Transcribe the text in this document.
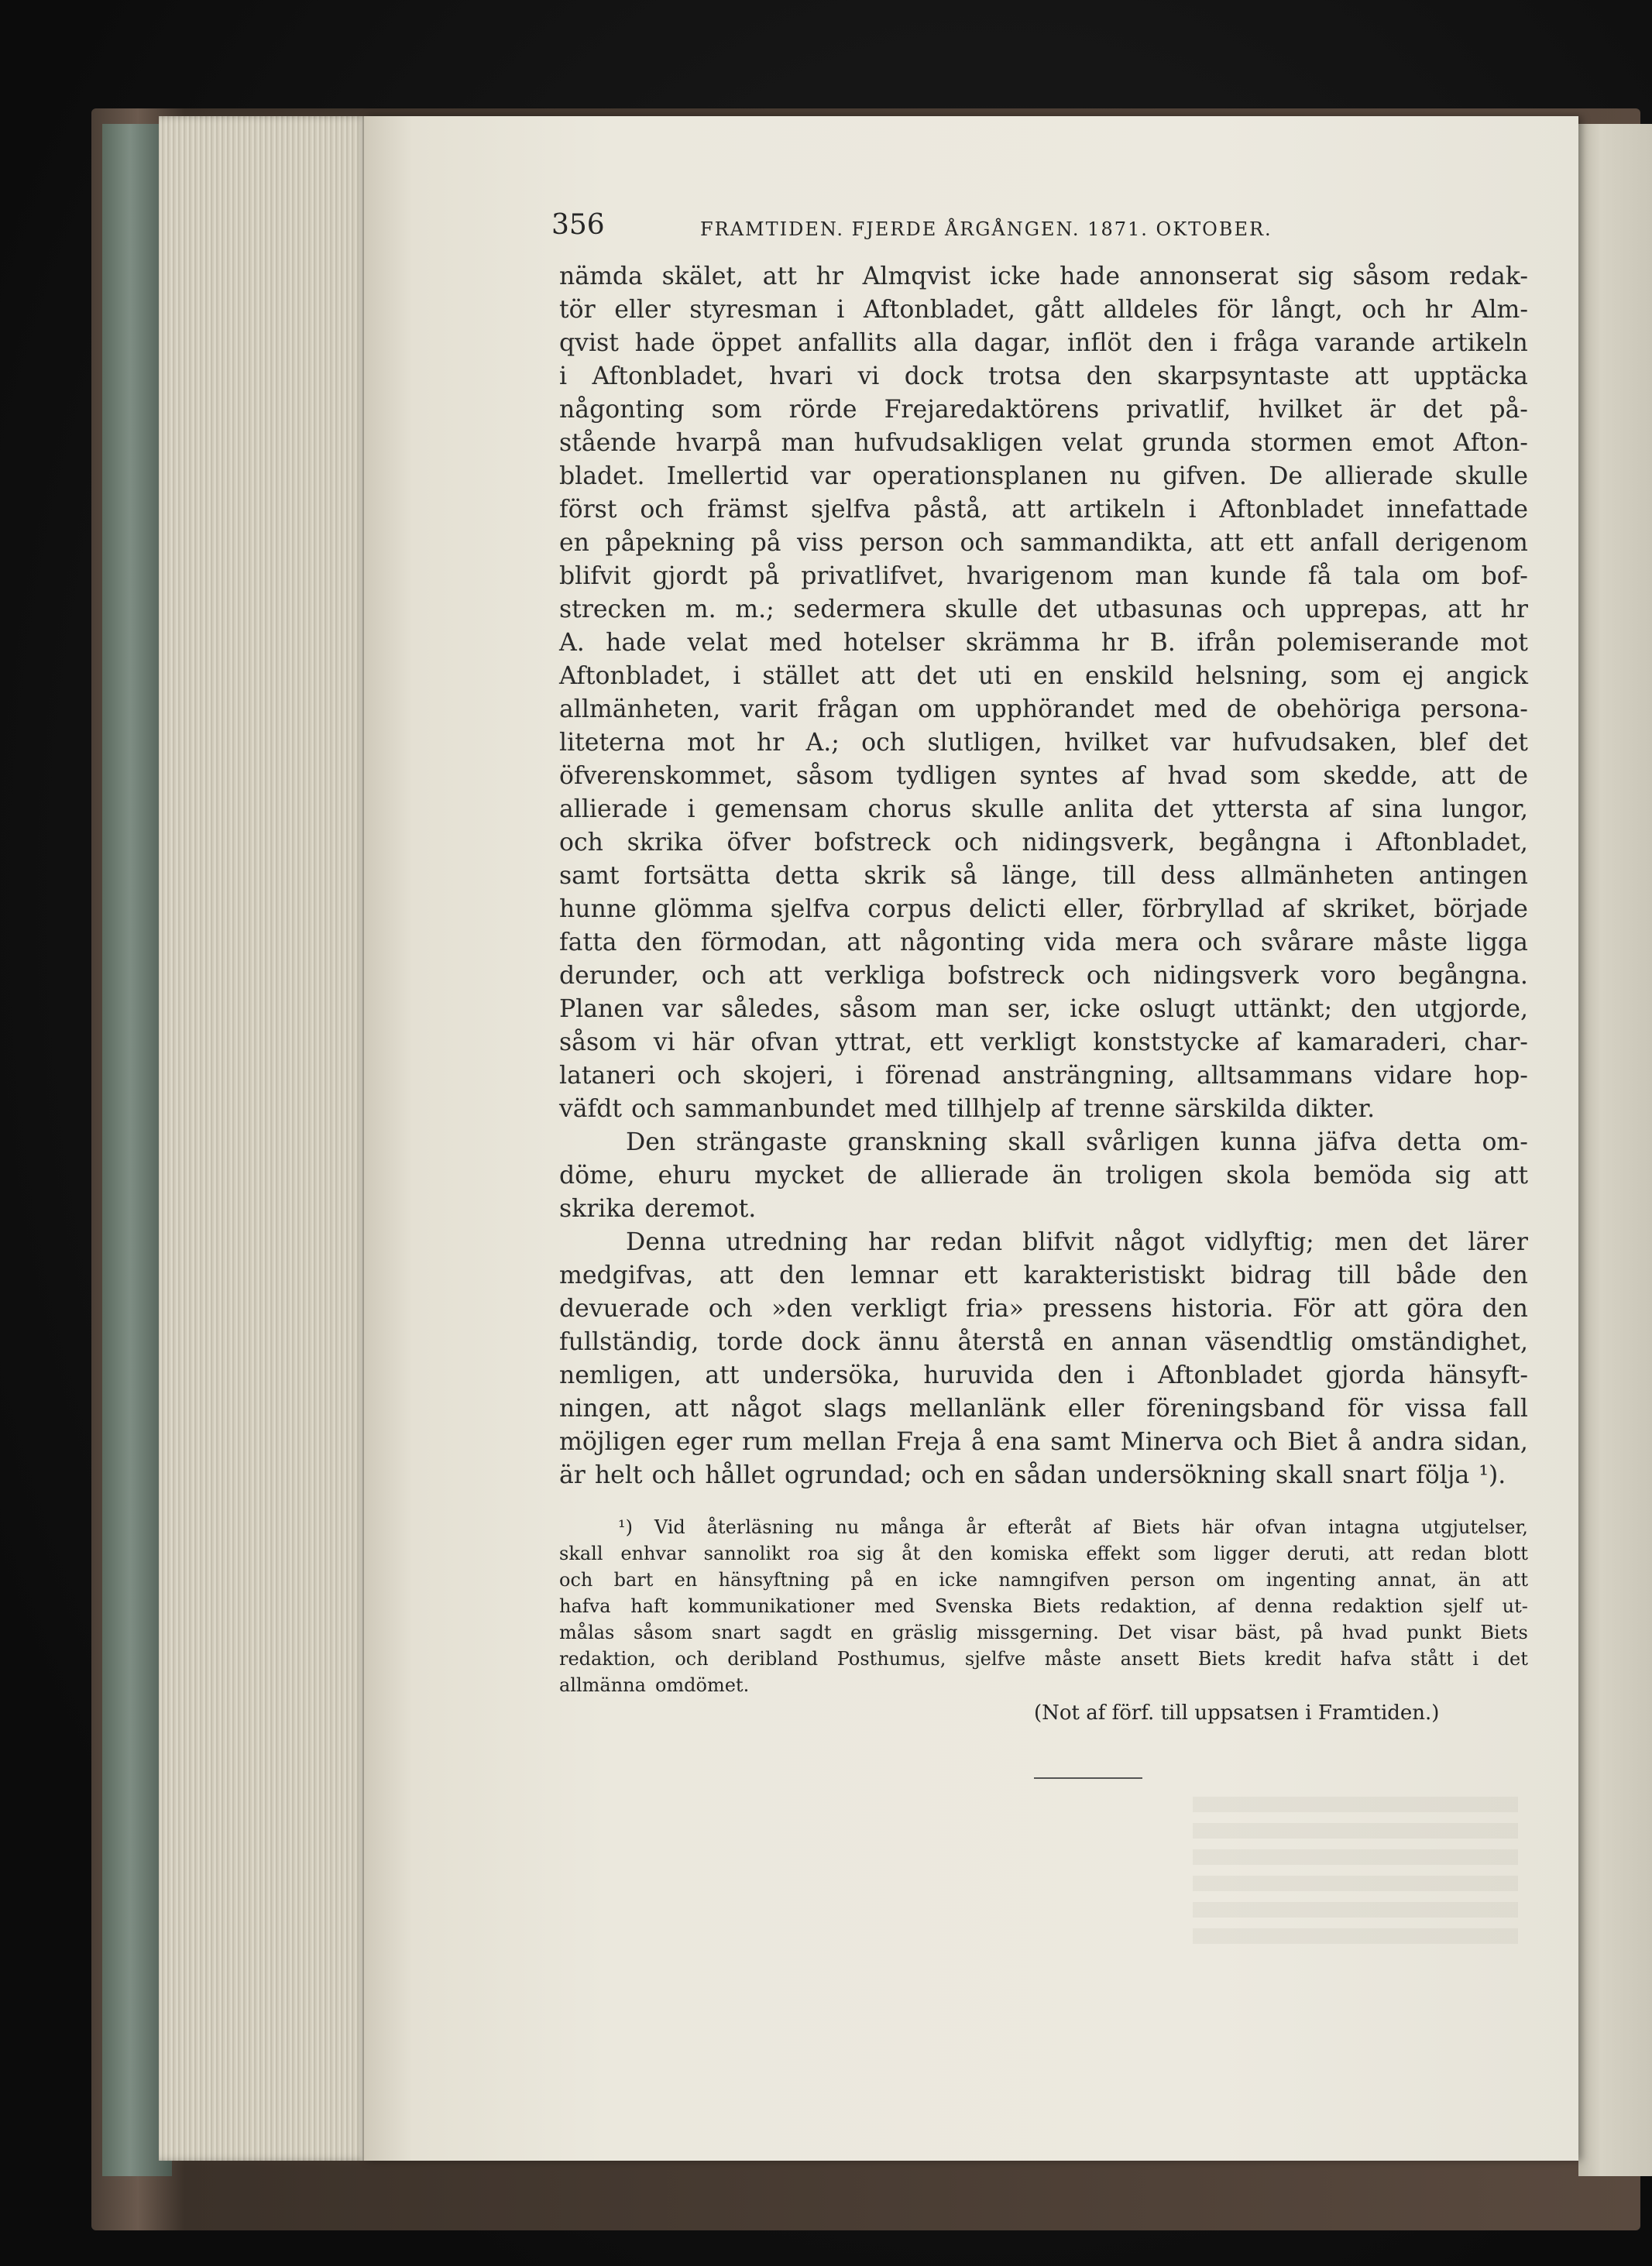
356	FRAMTIDEN. FJERDE ÅRGÅNGEN. 1871. OKTOBER.
nämda skälet, att hr Almqvist icke hade annonserat sig såsom redak-
tör eller styresman i Aftonbladet, gått alldeles för långt, och hr Alm-
qvist hade öppet anfallits alla dagar, inflöt den i fråga varande artikeln
i Aftonbladet, hvari vi dock trotsa den skarpsyntaste att upptäcka
någonting som rörde Frejaredaktörens privatlif, hvilket är det på-
stående hvarpå man hufvudsakligen velat grunda stormen emot Afton-
bladet. Imellertid var operationsplanen nu gifven. De allierade skulle
först och främst sjelfva påstå, att artikeln i Aftonbladet innefattade
en påpekning på viss person och sammandikta, att ett anfall derigenom
blifvit gjordt på privatlifvet, hvarigenom man kunde få tala om bof-
strecken m. m.; sedermera skulle det utbasunas och upprepas, att hr
A. hade velat med hotelser skrämma hr B. ifrån polemiserande mot
Aftonbladet, i stället att det uti en enskild helsning, som ej angick
allmänheten, varit frågan om upphörandet med de obehöriga personа-
liteterna mot hr A.; och slutligen, hvilket var hufvudsaken, blef det
öfverenskommet, såsom tydligen syntes af hvad som skedde, att de
allierade i gemensam chorus skulle anlita det yttersta af sina lungor,
och skrika öfver bofstreck och nidingsverk, begångna i Aftonbladet,
samt fortsätta detta skrik så länge, till dess allmänheten antingen
hunne glömma sjelfva corpus delicti eller, förbryllad af skriket, började
fatta den förmodan, att någonting vida mera och svårare måste ligga
derunder, och att verkliga bofstreck och nidingsverk voro begångna.
Planen var således, såsom man ser, icke oslugt uttänkt; den utgjorde,
såsom vi här ofvan yttrat, ett verkligt konststycke af kamaraderi, char-
lataneri och skojeri, i förenad ansträngning, alltsammans vidare hop-
väfdt och sammanbundet med tillhjelp af trenne särskilda dikter.
Den strängaste granskning skall svårligen kunna jäfva detta om-
döme, ehuru mycket de allierade än troligen skola bemöda sig att
skrika deremot.
Denna utredning har redan blifvit något vidlyftig; men det lärer
medgifvas, att den lemnar ett karakteristiskt bidrag till både den
devuerade och »den verkligt fria» pressens historia. För att göra den
fullständig, torde dock ännu återstå en annan väsendtlig omständighet,
nemligen, att undersöka, huruvida den i Aftonbladet gjorda hänsyft-
ningen, att något slags mellanlänk eller föreningsband för vissa fall
möjligen eger rum mellan Freja å ena samt Minerva och Biet å andra sidan,
är helt och hållet ogrundad; och en sådan undersökning skall snart följa ¹).
¹) Vid återläsning nu många år efteråt af Biets här ofvan intagna utgjutelser,
skall enhvar sannolikt roa sig åt den komiska effekt som ligger deruti, att redan blott
och bart en hänsyftning på en icke namngifven person om ingenting annat, än att
hafva haft kommunikationer med Svenska Biets redaktion, af denna redaktion sjelf ut-
målas såsom snart sagdt en gräslig missgerning. Det visar bäst, på hvad punkt Biets
redaktion, och deribland Posthumus, sjelfve måste ansett Biets kredit hafva stått i det
allmänna omdömet.
(Not af förf. till uppsatsen i Framtiden.)
